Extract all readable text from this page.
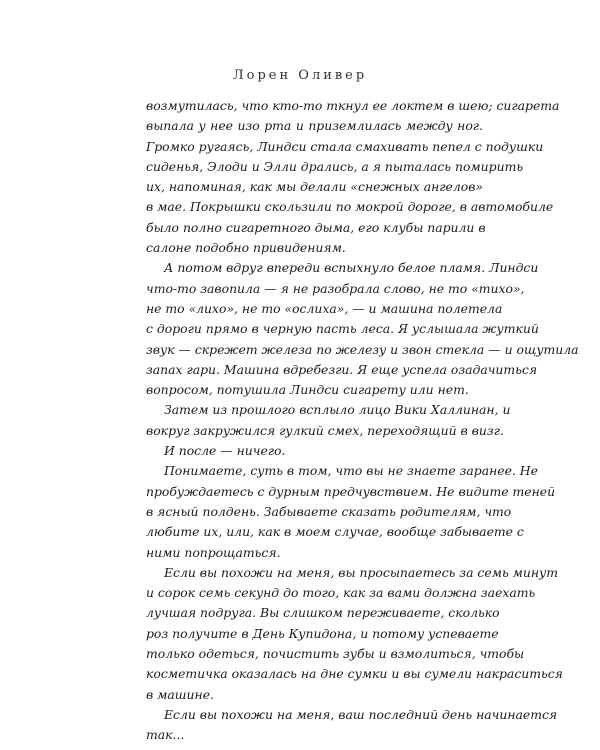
Лорен Оливер
возмутилась, что кто-то ткнул ее локтем в шею; сигарета
выпала у нее изо рта и приземлилась между ног.
Громко ругаясь, Линдси стала смахивать пепел с подушки
сиденья, Элоди и Элли дрались, а я пыталась помирить
их, напоминая, как мы делали «снежных ангелов»
в мае. Покрышки скользили по мокрой дороге, в автомобиле
было полно сигаретного дыма, его клубы парили в
салоне подобно привидениям.
А потом вдруг впереди вспыхнуло белое пламя. Линдси
что-то завопила — я не разобрала слово, не то «тихо»,
не то «лихо», не то «ослиха», — и машина полетела
с дороги прямо в черную пасть леса. Я услышала жуткий
звук — скрежет железа по железу и звон стекла — и ощутила
запах гари. Машина вдребезги. Я еще успела озадачиться
вопросом, потушила Линдси сигарету или нет.
Затем из прошлого всплыло лицо Вики Халлинан, и
вокруг закружился гулкий смех, переходящий в визг.
И после — ничего.
Понимаете, суть в том, что вы не знаете заранее. Не
пробуждаетесь с дурным предчувствием. Не видите теней
в ясный полдень. Забываете сказать родителям, что
любите их, или, как в моем случае, вообще забываете с
ними попрощаться.
Если вы похожи на меня, вы просыпаетесь за семь минут
и сорок семь секунд до того, как за вами должна заехать
лучшая подруга. Вы слишком переживаете, сколько
роз получите в День Купидона, и потому успеваете
только одеться, почистить зубы и взмолиться, чтобы
косметичка оказалась на дне сумки и вы сумели накраситься
в машине.
Если вы похожи на меня, ваш последний день начинается
так...
